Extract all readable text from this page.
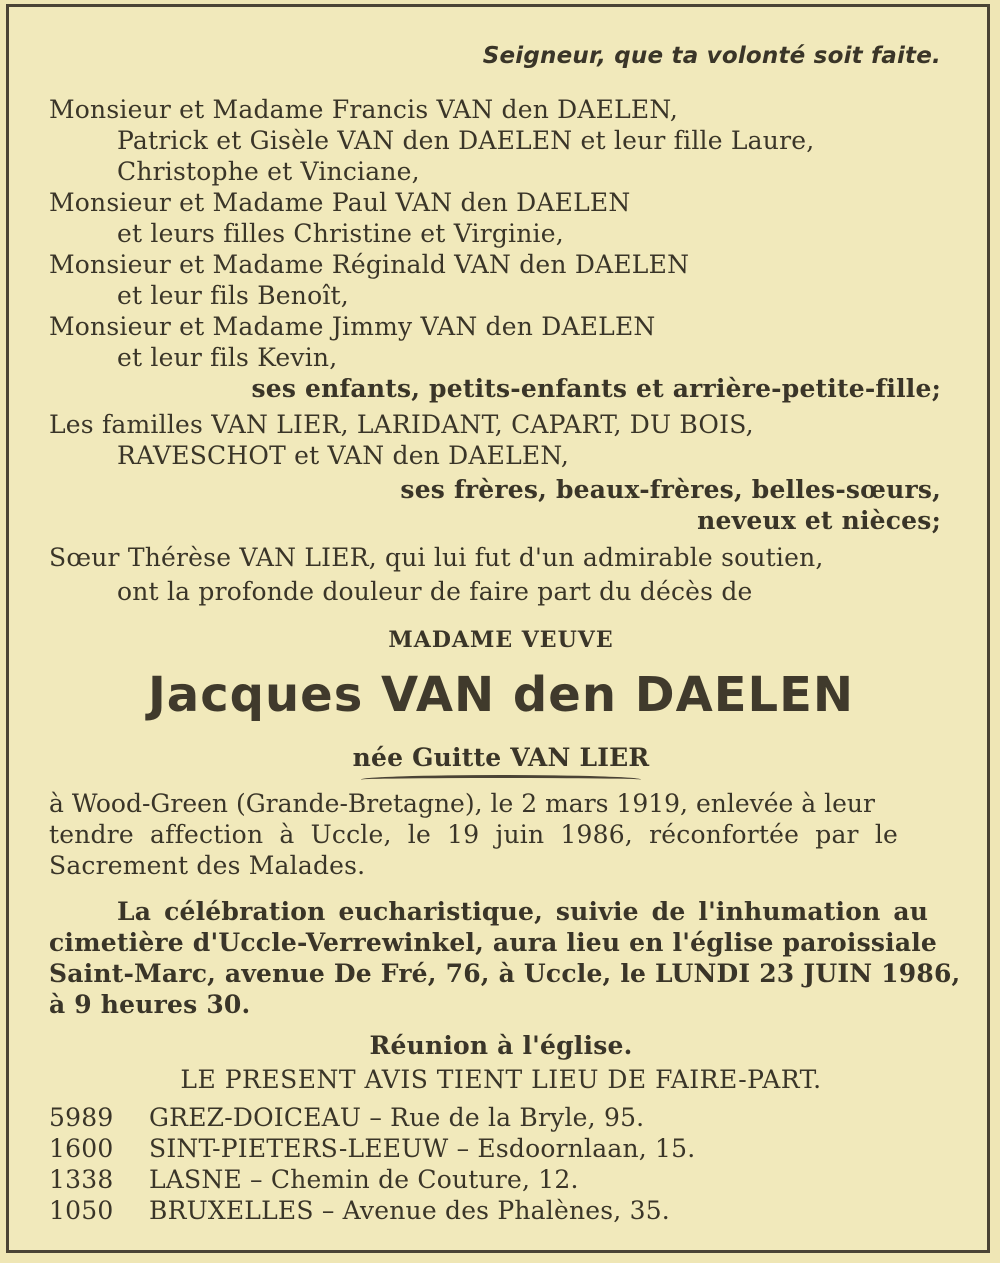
Seigneur, que ta volonté soit faite.
Monsieur et Madame Francis VAN den DAELEN,
Patrick et Gisèle VAN den DAELEN et leur fille Laure,
Christophe et Vinciane,
Monsieur et Madame Paul VAN den DAELEN
et leurs filles Christine et Virginie,
Monsieur et Madame Réginald VAN den DAELEN
et leur fils Benoît,
Monsieur et Madame Jimmy VAN den DAELEN
et leur fils Kevin,
ses enfants, petits-enfants et arrière-petite-fille;
Les familles VAN LIER, LARIDANT, CAPART, DU BOIS,
RAVESCHOT et VAN den DAELEN,
ses frères, beaux-frères, belles-sœurs,
neveux et nièces;
Sœur Thérèse VAN LIER, qui lui fut d'un admirable soutien,
ont la profonde douleur de faire part du décès de
MADAME VEUVE
Jacques VAN den DAELEN
née Guitte VAN LIER
à Wood-Green (Grande-Bretagne), le 2 mars 1919, enlevée à leur
tendre affection à Uccle, le 19 juin 1986, réconfortée par le
Sacrement des Malades.
La célébration eucharistique, suivie de l'inhumation au
cimetière d'Uccle-Verrewinkel, aura lieu en l'église paroissiale
Saint-Marc, avenue De Fré, 76, à Uccle, le LUNDI 23 JUIN 1986,
à 9 heures 30.
Réunion à l'église.
LE PRESENT AVIS TIENT LIEU DE FAIRE-PART.
5989 GREZ-DOICEAU – Rue de la Bryle, 95.
1600 SINT-PIETERS-LEEUW – Esdoornlaan, 15.
1338 LASNE – Chemin de Couture, 12.
1050 BRUXELLES – Avenue des Phalènes, 35.
